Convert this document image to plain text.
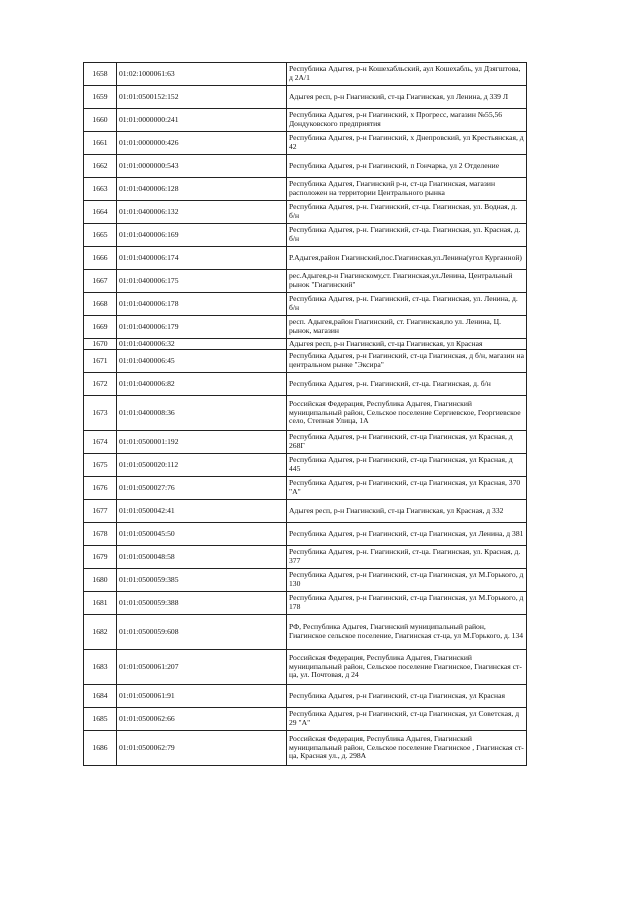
1658	01:02:1000061:63	Республика Адыгея, р-н Кошехабльский, аул Кошехабль, ул Дзягштова, д 2А/1
1659	01:01:0500152:152	Адыгея респ, р-н Гиагинский, ст-ца Гиагинская, ул Ленина, д 339 Л
1660	01:01:0000000:241	Республика Адыгея, р-н Гиагинский, х Прогресс, магазин №55,56 Дондуковского предприятия
1661	01:01:0000000:426	Республика Адыгея, р-н Гиагинский, х Днепровский, ул Крестьянская, д 42
1662	01:01:0000000:543	Республика Адыгея, р-н Гиагинский, п Гончарка, ул 2 Отделение
1663	01:01:0400006:128	Республика Адыгея, Гиагинский р-н, ст-ца Гиагинская, магазин расположен на территории Центрального рынка
1664	01:01:0400006:132	Республика Адыгея, р-н. Гиагинский, ст-ца. Гиагинская, ул. Водная, д. б/н
1665	01:01:0400006:169	Республика Адыгея, р-н. Гиагинский, ст-ца. Гиагинская, ул. Красная, д. б/н
1666	01:01:0400006:174	Р.Адыгея,район Гиагинский,пос.Гиагинская,ул.Ленина(угол Курганной)
1667	01:01:0400006:175	рес.Адыгея,р-н Гиагинскому,ст. Гиагинская,ул.Ленина, Центральный рынок "Гиагинский"
1668	01:01:0400006:178	Республика Адыгея, р-н. Гиагинский, ст-ца. Гиагинская, ул. Ленина, д. б/н
1669	01:01:0400006:179	респ. Адыгея,район Гиагинский, ст. Гиагинская,по ул. Ленина, Ц. рынок, магазин
1670	01:01:0400006:32	Адыгея респ, р-н Гиагинский, ст-ца Гиагинская, ул Красная
1671	01:01:0400006:45	Республика Адыгея, р-н Гиагинский, ст-ца Гиагинская, д б/н, магазин на центральном рынке "Эксира"
1672	01:01:0400006:82	Республика Адыгея, р-н. Гиагинский, ст-ца. Гиагинская, д. б/н
1673	01:01:0400008:36	Российская Федерация, Республика Адыгея, Гиагинский муниципальный район, Сельское поселение Сергиевское, Георгиевское село, Степная Улица, 1А
1674	01:01:0500001:192	Республика Адыгея, р-н Гиагинский, ст-ца Гиагинская, ул Красная, д 268Г
1675	01:01:0500020:112	Республика Адыгея, р-н Гиагинский, ст-ца Гиагинская, ул Красная, д 445
1676	01:01:0500027:76	Республика Адыгея, р-н Гиагинский, ст-ца Гиагинская, ул Красная, 370 "А"
1677	01:01:0500042:41	Адыгея респ, р-н Гиагинский, ст-ца Гиагинская, ул Красная, д 332
1678	01:01:0500045:50	Республика Адыгея, р-н Гиагинский, ст-ца Гиагинская, ул Ленина, д 381
1679	01:01:0500048:58	Республика Адыгея, р-н. Гиагинский, ст-ца. Гиагинская, ул. Красная, д. 377
1680	01:01:0500059:385	Республика Адыгея, р-н Гиагинский, ст-ца Гиагинская, ул М.Горького, д 130
1681	01:01:0500059:388	Республика Адыгея, р-н Гиагинский, ст-ца Гиагинская, ул М.Горького, д 178
1682	01:01:0500059:608	РФ, Республика Адыгея, Гиагинский муниципальный район, Гиагинское сельское поселение, Гиагинская ст-ца, ул М.Горького, д. 134
1683	01:01:0500061:207	Российская Федерация, Республика Адыгея, Гиагинский муниципальный район, Сельское поселение Гиагинское, Гиагинская ст-ца, ул. Почтовая, д 24
1684	01:01:0500061:91	Республика Адыгея, р-н Гиагинский, ст-ца Гиагинская, ул Красная
1685	01:01:0500062:66	Республика Адыгея, р-н Гиагинский, ст-ца Гиагинская, ул Советская, д 29 "А"
1686	01:01:0500062:79	Российская Федерация, Республика Адыгея, Гиагинский муниципальный район, Сельское поселение Гиагинское , Гиагинская ст-ца, Красная ул., д. 298А
